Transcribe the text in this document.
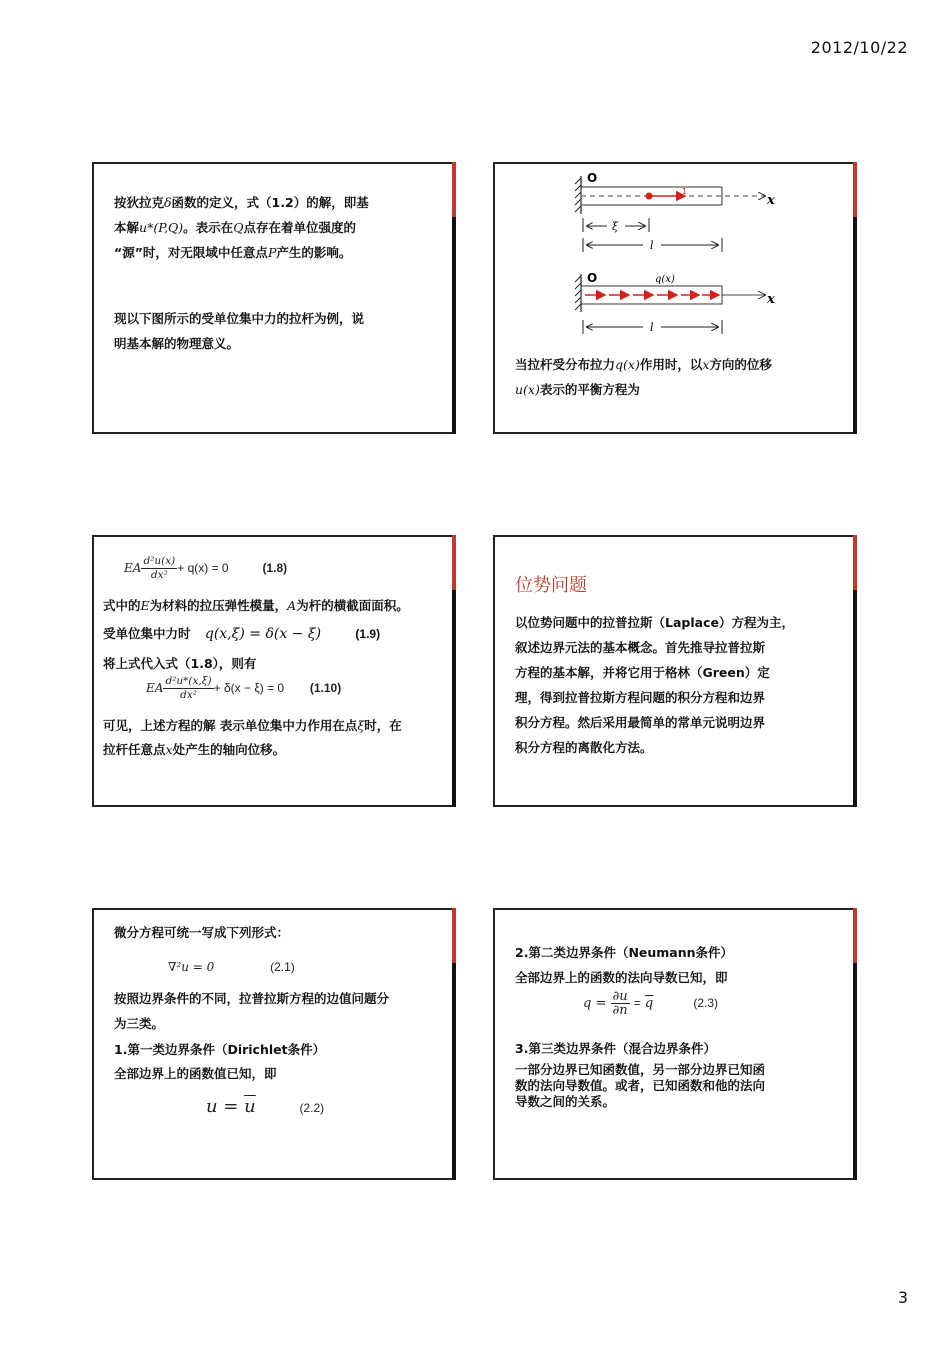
2012/10/22
按狄拉克δ函数的定义，式（1.2）的解，即基
本解u*(P,Q)。表示在Q点存在着单位强度的
“源”时，对无限域中任意点P产生的影响。
现以下图所示的受单位集中力的拉杆为例，说
明基本解的物理意义。
O
1
x
ξ
l
O	q(x)
x
l
当拉杆受分布拉力q(x)作用时，以x方向的位移
u(x)表示的平衡方程为
EA $\frac{\text{d²u(x)}}{\text{dx²}} + q(x) = 0$	(1.8)
式中的E为材料的拉压弹性模量，A为杆的横截面面积。
受单位集中力时 q(x,ξ) = δ(x − ξ)	(1.9)
将上式代入式（1.8），则有
EA $\frac{\text{d²u*(x,ξ)}}{\text{dx²}} + \delta(x - \xi) = 0$ (1.10)
可见，上述方程的解 表示单位集中力作用在点ξ时，在
拉杆任意点x处产生的轴向位移。
位势问题
以位势问题中的拉普拉斯（Laplace）方程为主，
叙述边界元法的基本概念。首先推导拉普拉斯
方程的基本解，并将它用于格林（Green）定
理，得到拉普拉斯方程问题的积分方程和边界
积分方程。然后采用最简单的常单元说明边界
积分方程的离散化方法。
微分方程可统一写成下列形式：
∇²u = 0	(2.1)
按照边界条件的不同，拉普拉斯方程的边值问题分
为三类。
1.第一类边界条件（Dirichlet条件）
全部边界上的函数值已知，即
$u = \overline{u}$	(2.2)
2.第二类边界条件（Neumann条件）
全部边界上的函数的法向导数已知，即
$q = \frac{\partial u}{\partial n} = \overline{q}$	(2.3)
3.第三类边界条件（混合边界条件）
一部分边界已知函数值，另一部分边界已知函
数的法向导数值。或者，已知函数和他的法向
导数之间的关系。
3
